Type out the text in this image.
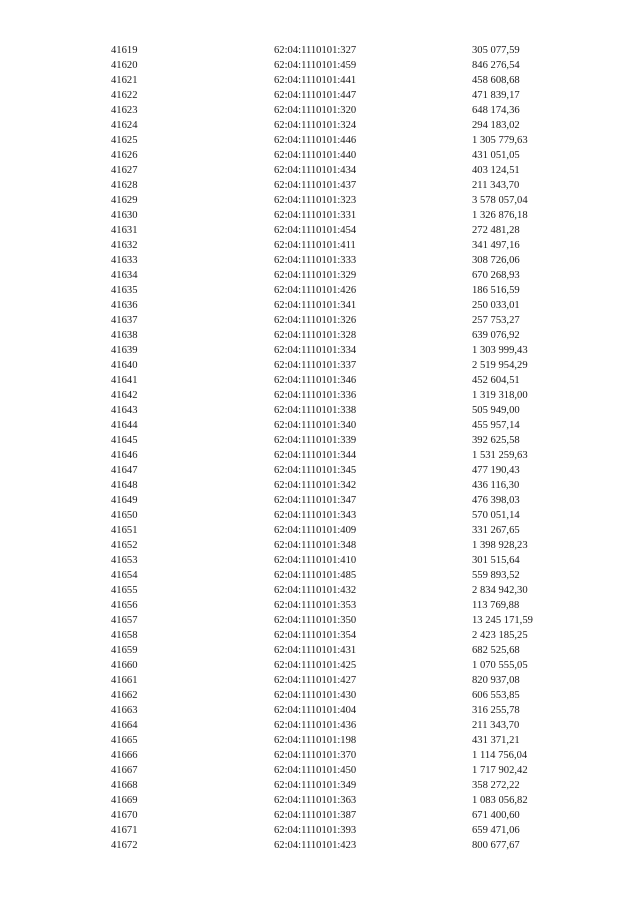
41619	62:04:1110101:327	305 077,59
41620	62:04:1110101:459	846 276,54
41621	62:04:1110101:441	458 608,68
41622	62:04:1110101:447	471 839,17
41623	62:04:1110101:320	648 174,36
41624	62:04:1110101:324	294 183,02
41625	62:04:1110101:446	1 305 779,63
41626	62:04:1110101:440	431 051,05
41627	62:04:1110101:434	403 124,51
41628	62:04:1110101:437	211 343,70
41629	62:04:1110101:323	3 578 057,04
41630	62:04:1110101:331	1 326 876,18
41631	62:04:1110101:454	272 481,28
41632	62:04:1110101:411	341 497,16
41633	62:04:1110101:333	308 726,06
41634	62:04:1110101:329	670 268,93
41635	62:04:1110101:426	186 516,59
41636	62:04:1110101:341	250 033,01
41637	62:04:1110101:326	257 753,27
41638	62:04:1110101:328	639 076,92
41639	62:04:1110101:334	1 303 999,43
41640	62:04:1110101:337	2 519 954,29
41641	62:04:1110101:346	452 604,51
41642	62:04:1110101:336	1 319 318,00
41643	62:04:1110101:338	505 949,00
41644	62:04:1110101:340	455 957,14
41645	62:04:1110101:339	392 625,58
41646	62:04:1110101:344	1 531 259,63
41647	62:04:1110101:345	477 190,43
41648	62:04:1110101:342	436 116,30
41649	62:04:1110101:347	476 398,03
41650	62:04:1110101:343	570 051,14
41651	62:04:1110101:409	331 267,65
41652	62:04:1110101:348	1 398 928,23
41653	62:04:1110101:410	301 515,64
41654	62:04:1110101:485	559 893,52
41655	62:04:1110101:432	2 834 942,30
41656	62:04:1110101:353	113 769,88
41657	62:04:1110101:350	13 245 171,59
41658	62:04:1110101:354	2 423 185,25
41659	62:04:1110101:431	682 525,68
41660	62:04:1110101:425	1 070 555,05
41661	62:04:1110101:427	820 937,08
41662	62:04:1110101:430	606 553,85
41663	62:04:1110101:404	316 255,78
41664	62:04:1110101:436	211 343,70
41665	62:04:1110101:198	431 371,21
41666	62:04:1110101:370	1 114 756,04
41667	62:04:1110101:450	1 717 902,42
41668	62:04:1110101:349	358 272,22
41669	62:04:1110101:363	1 083 056,82
41670	62:04:1110101:387	671 400,60
41671	62:04:1110101:393	659 471,06
41672	62:04:1110101:423	800 677,67
